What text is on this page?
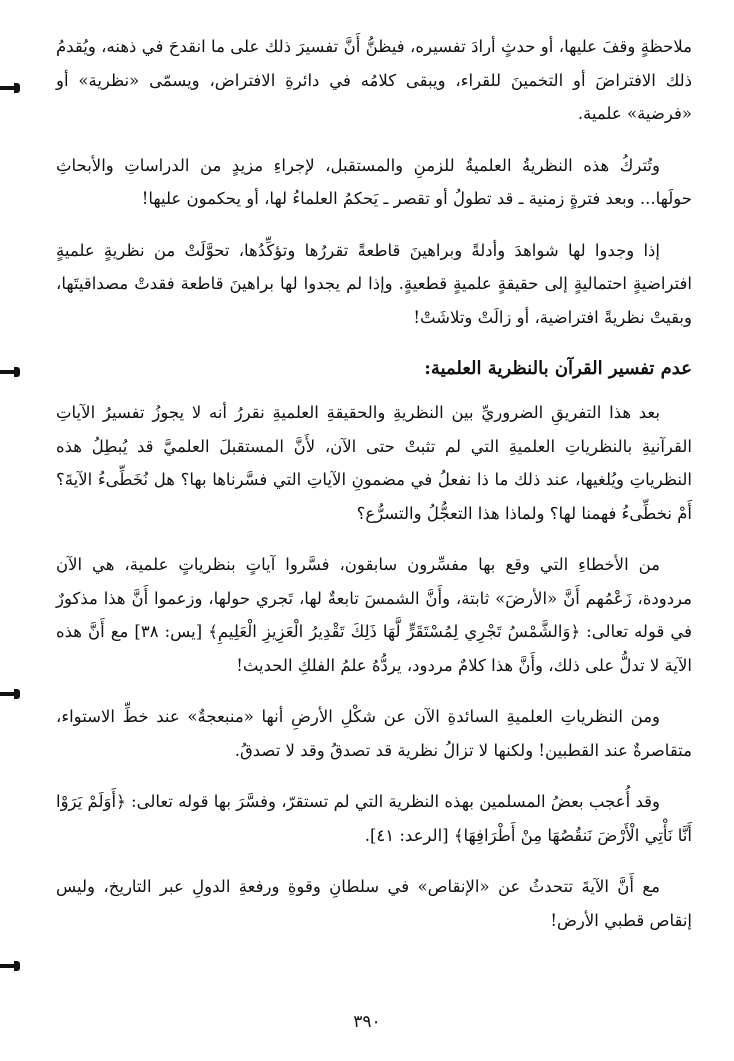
ملاحظةٍ وقفَ عليها، أو حدثٍ أرادَ تفسيره، فيظنُّ أَنَّ تفسيرَ ذلك على ما انقدحَ في ذهنه، ويُقدمُ ذلك الافتراضَ أو التخمينَ للقراء، ويبقى كلامُه في دائرةِ الافتراض، ويسمّى «نظرية» أو «فرضية» علمية.

وتُتركُ هذه النظريةُ العلميةُ للزمنِ والمستقبل، لإجراءِ مزيدٍ من الدراساتِ والأبحاثِ حولَها... وبعد فترةٍ زمنية ـ قد تطولُ أو تقصر ـ يَحكمُ العلماءُ لها، أو يحكمون عليها!

إذا وجدوا لها شواهدَ وأدلةً وبراهينَ قاطعةً تقررُها وتؤكِّدُها، تحوَّلَتْ من نظريةٍ علميةٍ افتراضيةٍ احتماليةٍ إلى حقيقةٍ علميةٍ قطعيةٍ. وإذا لم يجدوا لها براهينَ قاطعة فقدتْ مصداقيتَها، وبقيتْ نظريةً افتراضية، أو زالَتْ وتلاشَتْ!

عدم تفسير القرآن بالنظرية العلمية:

بعد هذا التفريقِ الضروريِّ بين النظريةِ والحقيقةِ العلميةِ نقررُ أنه لا يجوزُ تفسيرُ الآياتِ القرآنيةِ بالنظرياتِ العلميةِ التي لم تثبتْ حتى الآن، لأَنَّ المستقبلَ العلميَّ قد يُبطِلُ هذه النظرياتِ ويُلغيها، عند ذلك ما ذا نفعلُ في مضمونِ الآياتِ التي فسَّرناها بها؟ هل نُخَطِّىءُ الآيةَ؟ أَمْ نخطِّىءُ فهمنا لها؟ ولماذا هذا التعجُّلُ والتسرُّع؟

من الأخطاءِ التي وقع بها مفسِّرون سابقون، فسَّروا آياتٍ بنظرياتٍ علمية، هي الآن مردودة، زَعْمُهم أَنَّ «الأرضَ» ثابتة، وأَنَّ الشمسَ تابعةٌ لها، تَجري حولها، وزعموا أَنَّ هذا مذكورٌ في قوله تعالى: ﴿وَالشَّمْسُ تَجْرِي لِمُسْتَقَرٍّ لَّهَا ذَلِكَ تَقْدِيرُ الْعَزِيزِ الْعَلِيمِ﴾ [يس: ٣٨] مع أَنَّ هذه الآية لا تدلُّ على ذلك، وأَنَّ هذا كلامٌ مردود، يردُّهُ علمُ الفلكِ الحديث!

ومن النظرياتِ العلميةِ السائدةِ الآن عن شكْلِ الأرضِ أنها «منبعجةٌ» عند خطِّ الاستواء، متقاصرةٌ عند القطبين! ولكنها لا تزالُ نظرية قد تصدقُ وقد لا تصدقُ.

وقد أُعجب بعضُ المسلمين بهذه النظرية التي لم تستقرّ، وفسَّرَ بها قوله تعالى: ﴿أَوَلَمْ يَرَوْا أَنَّا نَأْتِي الْأَرْضَ نَنقُصُهَا مِنْ أَطْرَافِهَا﴾ [الرعد: ٤١].

مع أَنَّ الآيةَ تتحدثُ عن «الإنقاص» في سلطانِ وقوةِ ورفعةِ الدولِ عبر التاريخ، وليس إنقاص قطبي الأرض!

٣٩٠
